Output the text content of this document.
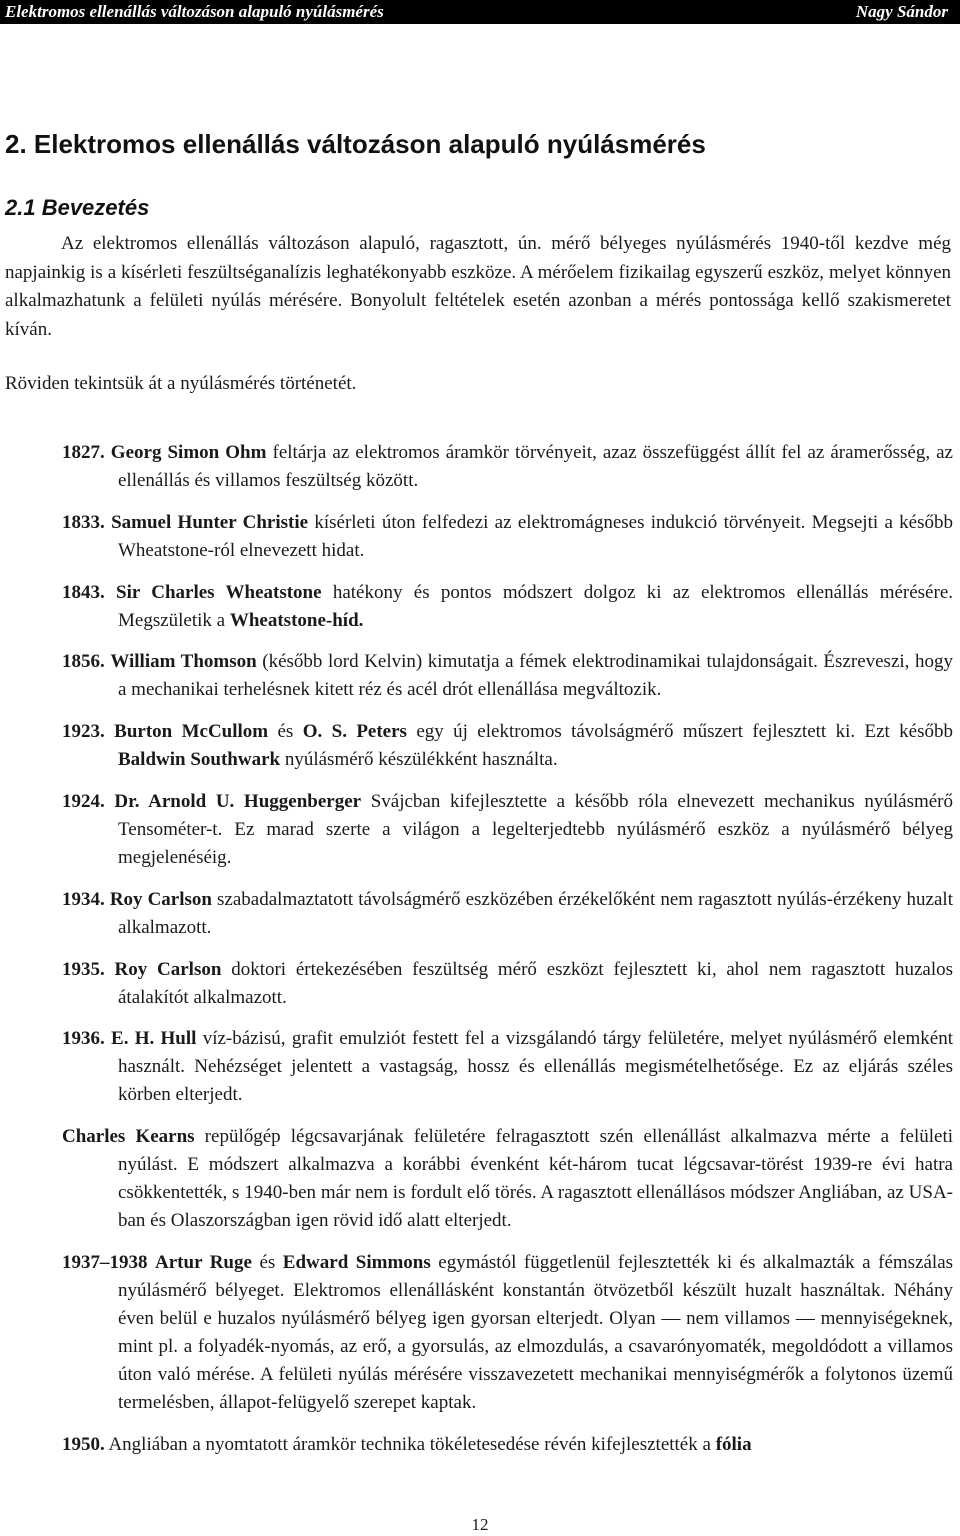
Elektromos ellenállás változáson alapuló nyúlásmérés	Nagy Sándor
2. Elektromos ellenállás változáson alapuló nyúlásmérés
2.1 Bevezetés

Az elektromos ellenállás változáson alapuló, ragasztott, ún. mérő bélyeges nyúlásmérés 1940-től kezdve még napjainkig is a kísérleti feszültséganalízis leghatékonyabb eszköze. A mérőelem fizikailag egyszerű eszköz, melyet könnyen alkalmazhatunk a felületi nyúlás mérésére. Bonyolult feltételek esetén azonban a mérés pontossága kellő szakismeretet kíván.

Röviden tekintsük át a nyúlásmérés történetét.

1827. Georg Simon Ohm feltárja az elektromos áramkör törvényeit, azaz összefüggést állít fel az áramerősség, az ellenállás és villamos feszültség között.

1833. Samuel Hunter Christie kísérleti úton felfedezi az elektromágneses indukció törvényeit. Megsejti a később Wheatstone-ról elnevezett hidat.

1843. Sir Charles Wheatstone hatékony és pontos módszert dolgoz ki az elektromos ellenállás mérésére. Megszületik a Wheatstone-híd.

1856. William Thomson (később lord Kelvin) kimutatja a fémek elektrodinamikai tulajdonságait. Észreveszi, hogy a mechanikai terhelésnek kitett réz és acél drót ellenállása megváltozik.

1923. Burton McCullom és O. S. Peters egy új elektromos távolságmérő műszert fejlesztett ki. Ezt később Baldwin Southwark nyúlásmérő készülékként használta.

1924. Dr. Arnold U. Huggenberger Svájcban kifejlesztette a később róla elnevezett mechanikus nyúlásmérő Tensométer-t. Ez marad szerte a világon a legelterjedtebb nyúlásmérő eszköz a nyúlásmérő bélyeg megjelenéséig.

1934. Roy Carlson szabadalmaztatott távolságmérő eszközében érzékelőként nem ragasztott nyúlás-érzékeny huzalt alkalmazott.

1935. Roy Carlson doktori értekezésében feszültség mérő eszközt fejlesztett ki, ahol nem ragasztott huzalos átalakítót alkalmazott.

1936. E. H. Hull víz-bázisú, grafit emulziót festett fel a vizsgálandó tárgy felületére, melyet nyúlásmérő elemként használt. Nehézséget jelentett a vastagság, hossz és ellenállás megismételhetősége. Ez az eljárás széles körben elterjedt.

Charles Kearns repülőgép légcsavarjának felületére felragasztott szén ellenállást alkalmazva mérte a felületi nyúlást. E módszert alkalmazva a korábbi évenként két-három tucat légcsavar-törést 1939-re évi hatra csökkentették, s 1940-ben már nem is fordult elő törés. A ragasztott ellenállásos módszer Angliában, az USA-ban és Olaszországban igen rövid idő alatt elterjedt.

1937–1938 Artur Ruge és Edward Simmons egymástól függetlenül fejlesztették ki és alkalmazták a fémszálas nyúlásmérő bélyeget. Elektromos ellenállásként konstantán ötvözetből készült huzalt használtak. Néhány éven belül e huzalos nyúlásmérő bélyeg igen gyorsan elterjedt. Olyan — nem villamos — mennyiségeknek, mint pl. a folyadék-nyomás, az erő, a gyorsulás, az elmozdulás, a csavarónyomaték, megoldódott a villamos úton való mérése. A felületi nyúlás mérésére visszavezetett mechanikai mennyiségmérők a folytonos üzemű termelésben, állapot-felügyelő szerepet kaptak.

1950. Angliában a nyomtatott áramkör technika tökéletesedése révén kifejlesztették a fólia

12
